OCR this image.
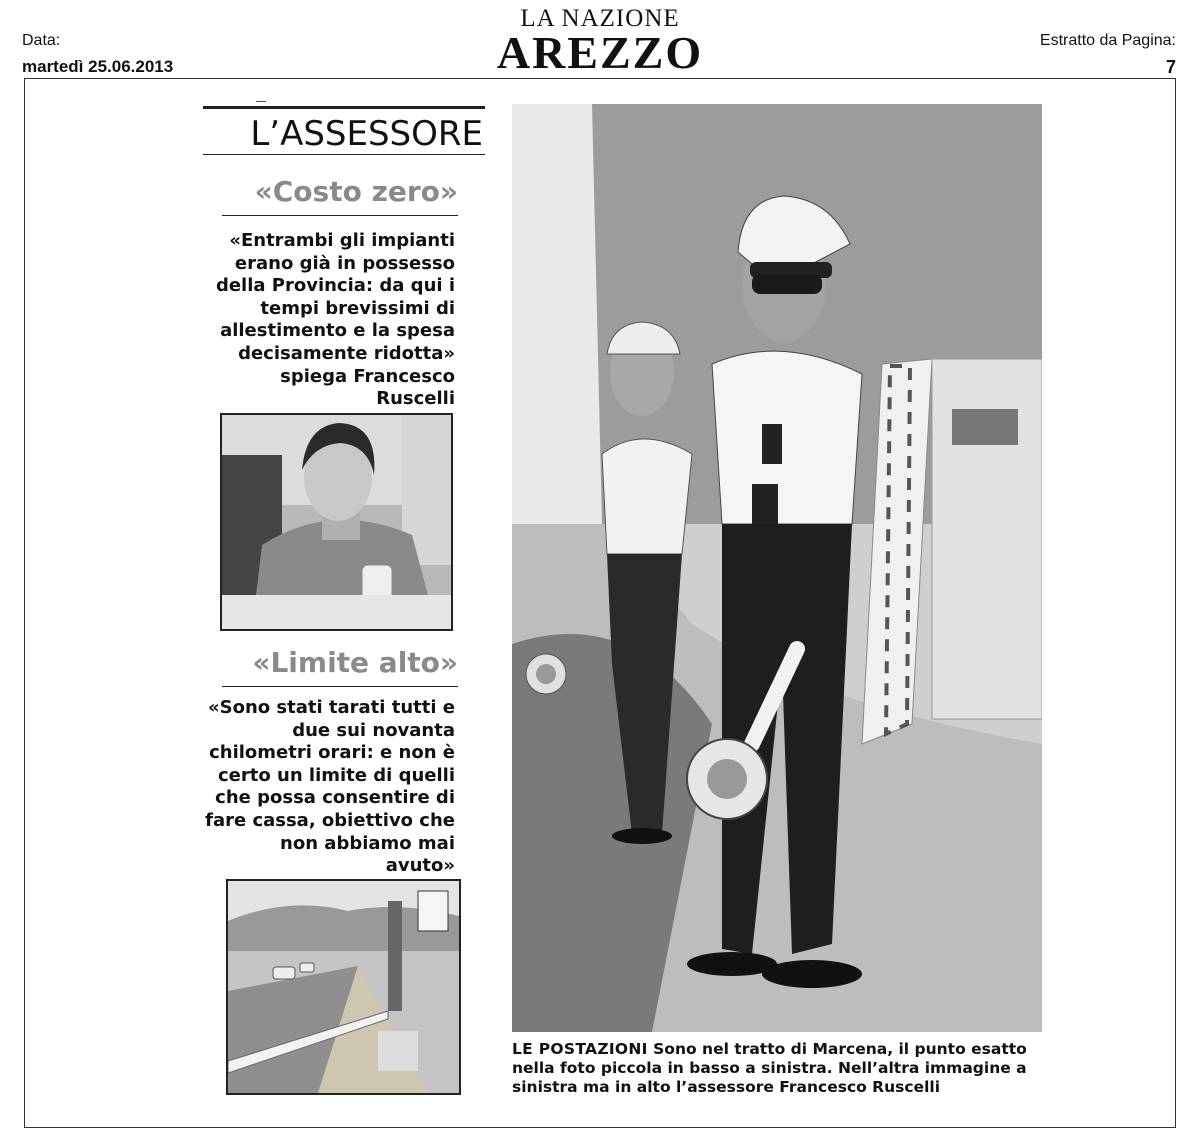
Data:
martedì 25.06.2013
LA NAZIONE
AREZZO	Estratto da Pagina:
7
L’ASSESSORE
«Costo zero»
«Entrambi gli impianti
erano già in possesso
della Provincia: da qui i
tempi brevissimi di
allestimento e la spesa
decisamente ridotta»
spiega Francesco
Ruscelli
«Limite alto»
«Sono stati tarati tutti e
due sui novanta
chilometri orari: e non è
certo un limite di quelli
che possa consentire di
fare cassa, obiettivo che
non abbiamo mai avuto»
LE POSTAZIONI Sono nel tratto di Marcena, il punto esatto nella foto piccola in basso a sinistra. Nell’altra immagine a sinistra ma in alto l’assessore Francesco Ruscelli
